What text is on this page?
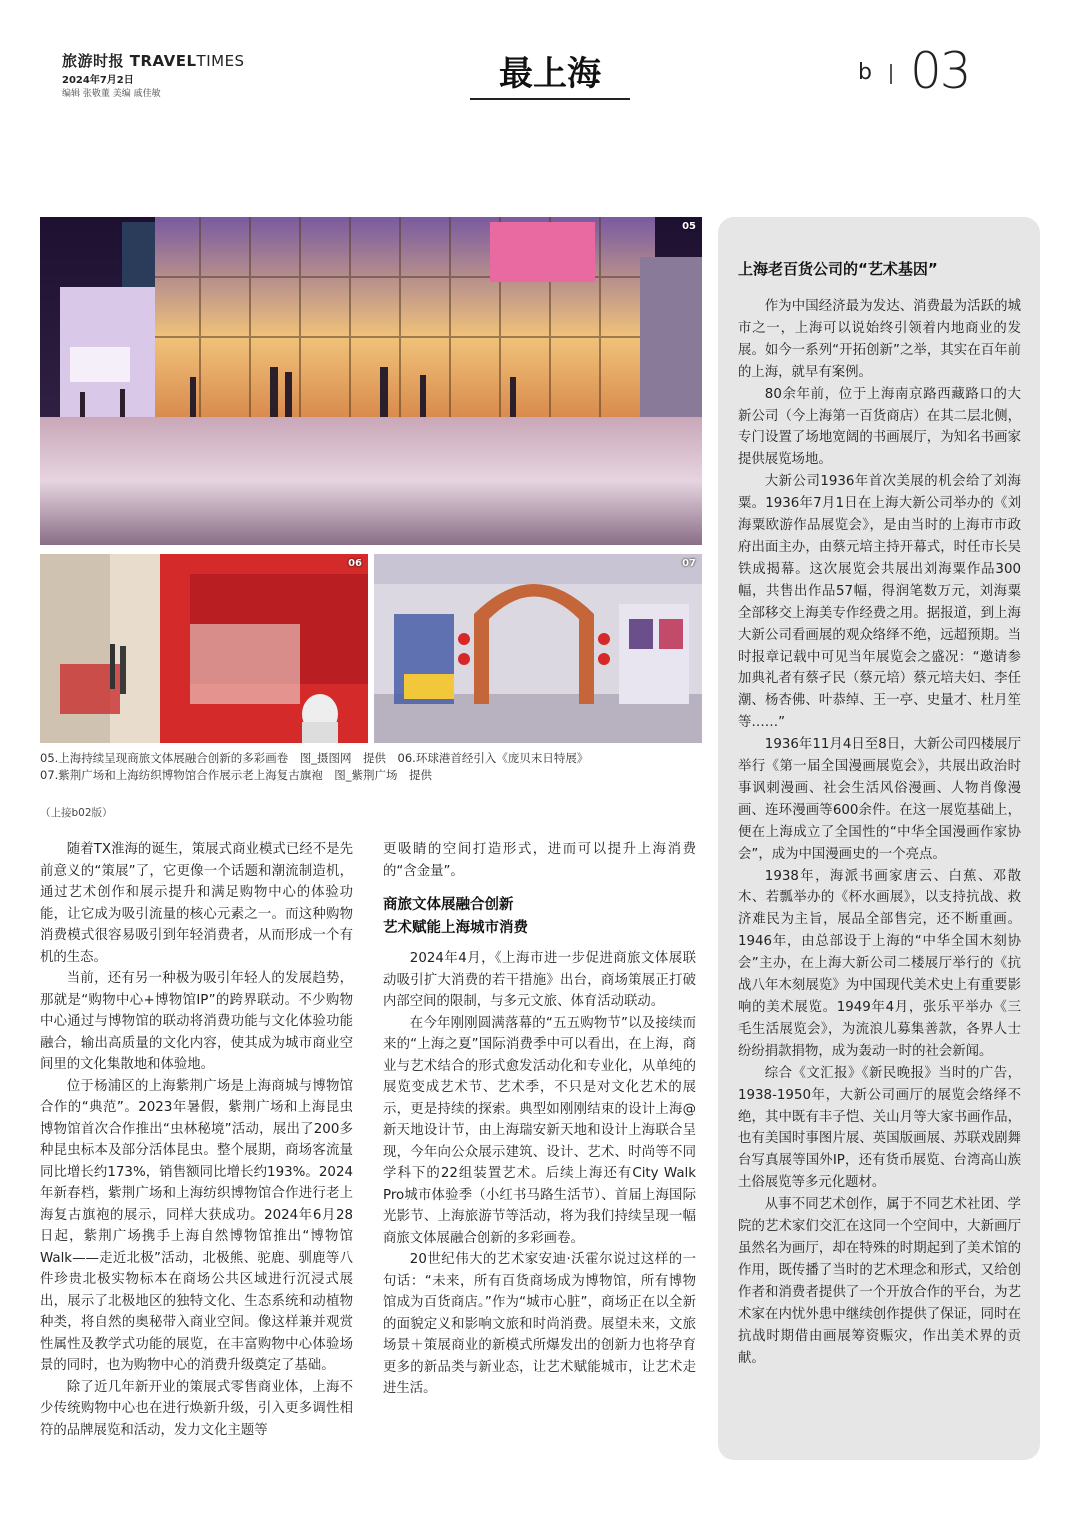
旅游时报 TRAVELTIMES
2024年7月2日
编辑 张敬董 美编 戚佳敏	最上海	b 03
05
06	07
05.上海持续呈现商旅文体展融合创新的多彩画卷　图_摄图网　提供　06.环球港首经引入《庞贝末日特展》
07.紫荆广场和上海纺织博物馆合作展示老上海复古旗袍　图_紫荆广场　提供
（上接b02版）

随着TX淮海的诞生，策展式商业模式已经不是先前意义的“策展”了，它更像一个话题和潮流制造机，通过艺术创作和展示提升和满足购物中心的体验功能，让它成为吸引流量的核心元素之一。而这种购物消费模式很容易吸引到年轻消费者，从而形成一个有机的生态。

当前，还有另一种极为吸引年轻人的发展趋势，那就是“购物中心+博物馆IP”的跨界联动。不少购物中心通过与博物馆的联动将消费功能与文化体验功能融合，输出高质量的文化内容，使其成为城市商业空间里的文化集散地和体验地。

位于杨浦区的上海紫荆广场是上海商城与博物馆合作的“典范”。2023年暑假，紫荆广场和上海昆虫博物馆首次合作推出“虫林秘境”活动，展出了200多种昆虫标本及部分活体昆虫。整个展期，商场客流量同比增长约173%，销售额同比增长约193%。2024年新春档，紫荆广场和上海纺织博物馆合作进行老上海复古旗袍的展示，同样大获成功。2024年6月28日起，紫荆广场携手上海自然博物馆推出“博物馆Walk——走近北极”活动，北极熊、驼鹿、驯鹿等八件珍贵北极实物标本在商场公共区域进行沉浸式展出，展示了北极地区的独特文化、生态系统和动植物种类，将自然的奥秘带入商业空间。像这样兼并观赏性属性及教学式功能的展览，在丰富购物中心体验场景的同时，也为购物中心的消费升级奠定了基础。

除了近几年新开业的策展式零售商业体，上海不少传统购物中心也在进行焕新升级，引入更多调性相符的品牌展览和活动，发力文化主题等

更吸睛的空间打造形式，进而可以提升上海消费的“含金量”。
商旅文体展融合创新
艺术赋能上海城市消费

2024年4月，《上海市进一步促进商旅文体展联动吸引扩大消费的若干措施》出台，商场策展正打破内部空间的限制，与多元文旅、体育活动联动。

在今年刚刚圆满落幕的“五五购物节”以及接续而来的“上海之夏”国际消费季中可以看出，在上海，商业与艺术结合的形式愈发活动化和专业化，从单纯的展览变成艺术节、艺术季，不只是对文化艺术的展示，更是持续的探索。典型如刚刚结束的设计上海@新天地设计节，由上海瑞安新天地和设计上海联合呈现，今年向公众展示建筑、设计、艺术、时尚等不同学科下的22组装置艺术。后续上海还有City Walk Pro城市体验季（小红书马路生活节）、首届上海国际光影节、上海旅游节等活动，将为我们持续呈现一幅商旅文体展融合创新的多彩画卷。

20世纪伟大的艺术家安迪·沃霍尔说过这样的一句话：“未来，所有百货商场成为博物馆，所有博物馆成为百货商店。”作为“城市心脏”，商场正在以全新的面貌定义和影响文旅和时尚消费。展望未来，文旅场景＋策展商业的新模式所爆发出的创新力也将孕育更多的新品类与新业态，让艺术赋能城市，让艺术走进生活。

上海老百货公司的“艺术基因”

作为中国经济最为发达、消费最为活跃的城市之一，上海可以说始终引领着内地商业的发展。如今一系列“开拓创新”之举，其实在百年前的上海，就早有案例。

80余年前，位于上海南京路西藏路口的大新公司（今上海第一百货商店）在其二层北侧，专门设置了场地宽阔的书画展厅，为知名书画家提供展览场地。

大新公司1936年首次美展的机会给了刘海粟。1936年7月1日在上海大新公司举办的《刘海粟欧游作品展览会》，是由当时的上海市市政府出面主办，由蔡元培主持开幕式，时任市长吴铁成揭幕。这次展览会共展出刘海粟作品300幅，共售出作品57幅，得润笔数万元，刘海粟全部移交上海美专作经费之用。据报道，到上海大新公司看画展的观众络绎不绝，远超预期。当时报章记载中可见当年展览会之盛况：“邀请参加典礼者有蔡孑民（蔡元培）蔡元培夫妇、李任潮、杨杏佛、叶恭绰、王一亭、史量才、杜月笙等……”

1936年11月4日至8日，大新公司四楼展厅举行《第一届全国漫画展览会》，共展出政治时事讽刺漫画、社会生活风俗漫画、人物肖像漫画、连环漫画等600余件。在这一展览基础上，便在上海成立了全国性的“中华全国漫画作家协会”，成为中国漫画史的一个亮点。

1938年，海派书画家唐云、白蕉、邓散木、若瓢举办的《杯水画展》，以支持抗战、救济难民为主旨，展品全部售完，还不断重画。1946年，由总部设于上海的“中华全国木刻协会”主办，在上海大新公司二楼展厅举行的《抗战八年木刻展览》为中国现代美术史上有重要影响的美术展览。1949年4月，张乐平举办《三毛生活展览会》，为流浪儿募集善款，各界人士纷纷捐款捐物，成为轰动一时的社会新闻。

综合《文汇报》《新民晚报》当时的广告，1938-1950年，大新公司画厅的展览会络绎不绝，其中既有丰子恺、关山月等大家书画作品，也有美国时事图片展、英国版画展、苏联戏剧舞台写真展等国外IP，还有货币展览、台湾高山族土俗展览等多元化题材。

从事不同艺术创作，属于不同艺术社团、学院的艺术家们交汇在这同一个空间中，大新画厅虽然名为画厅，却在特殊的时期起到了美术馆的作用，既传播了当时的艺术理念和形式，又给创作者和消费者提供了一个开放合作的平台，为艺术家在内忧外患中继续创作提供了保证，同时在抗战时期借由画展筹资赈灾，作出美术界的贡献。
